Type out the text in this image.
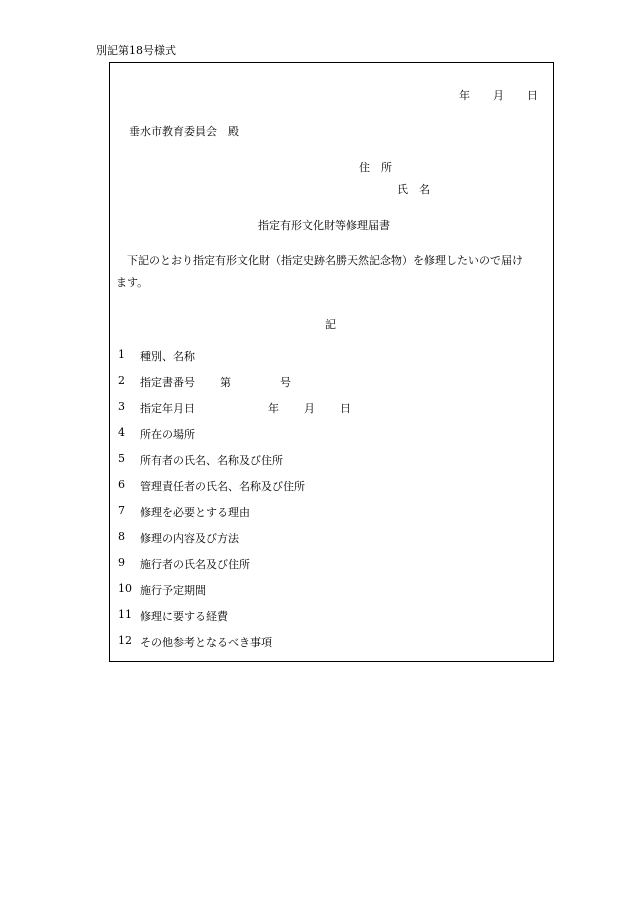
別記第18号様式
年 月 日
垂水市教育委員会　殿
住　所
氏　名
指定有形文化財等修理届書
　下記のとおり指定有形文化財（指定史跡名勝天然記念物）を修理したいので届け
ます。
記
1 種別、名称
2 指定書番号 第	号
3 指定年月日	年 月 日
4 所在の場所
5 所有者の氏名、名称及び住所
6 管理責任者の氏名、名称及び住所
7 修理を必要とする理由
8 修理の内容及び方法
9 施行者の氏名及び住所
10 施行予定期間
11 修理に要する経費
12 その他参考となるべき事項
